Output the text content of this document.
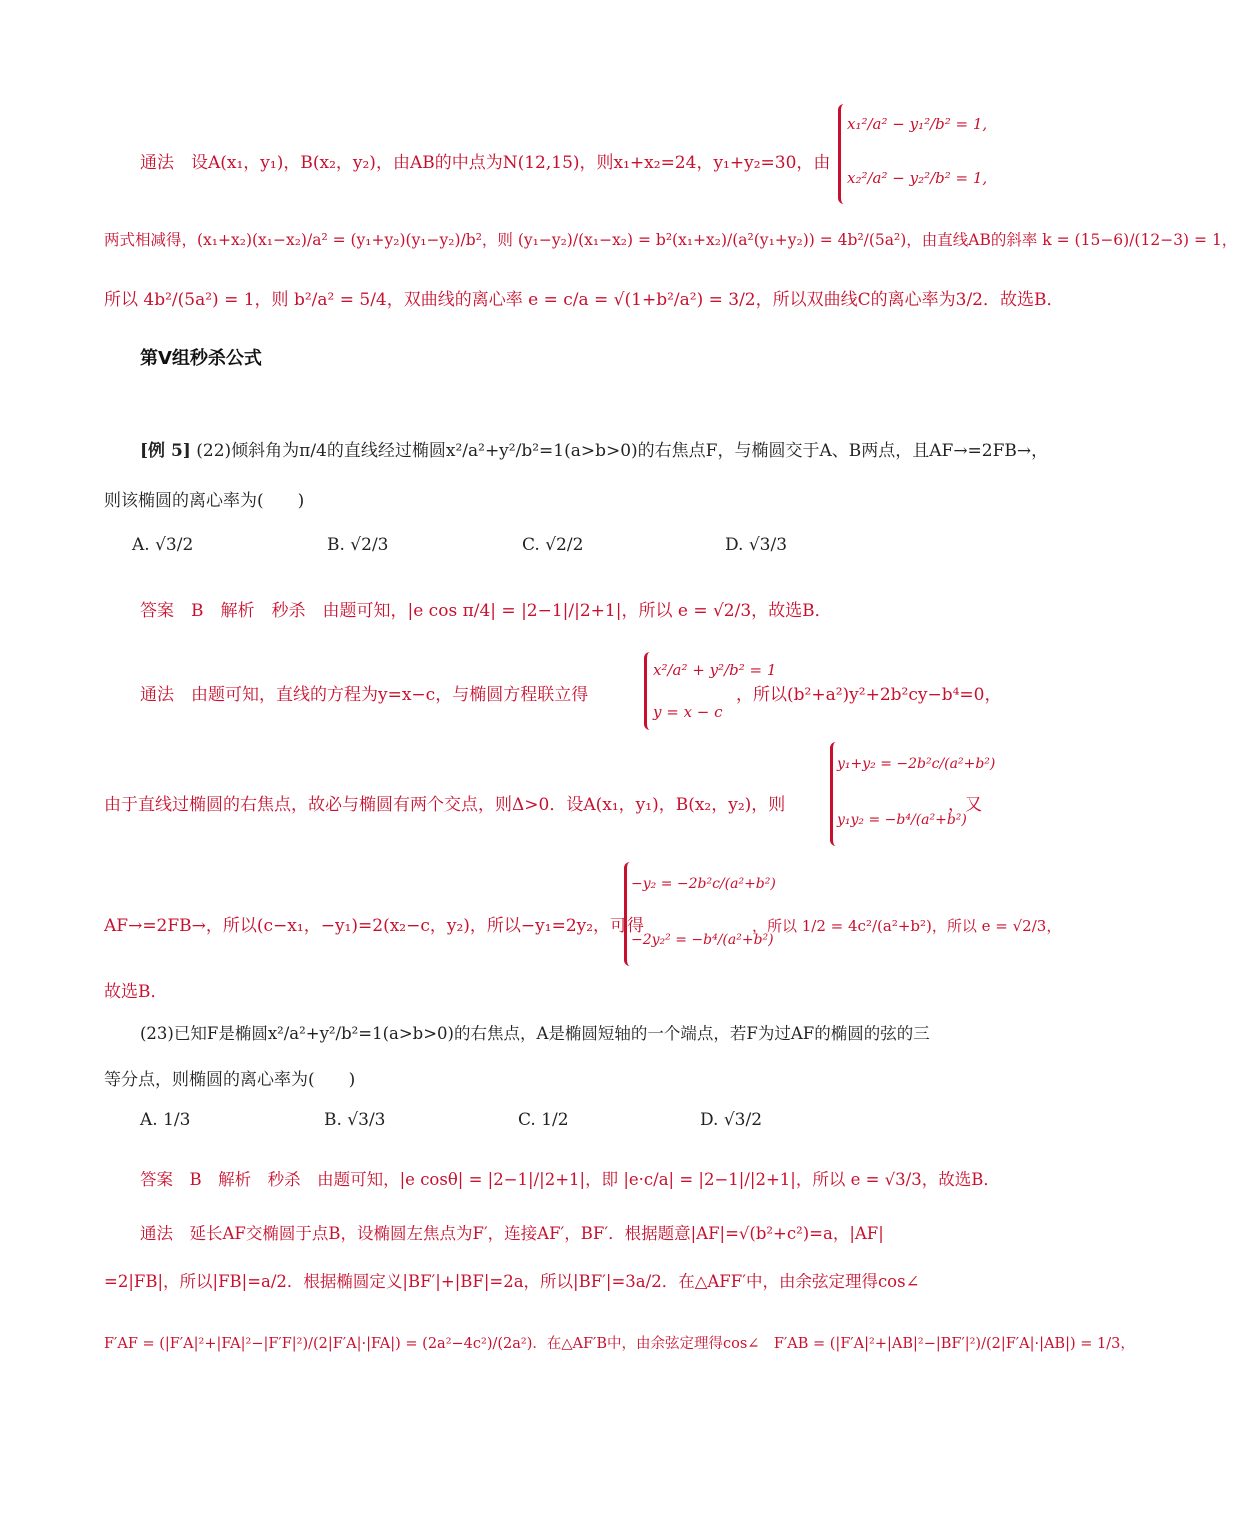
x₁²/a² − y₁²/b² = 1,
x₂²/a² − y₂²/b² = 1,
通法　设A(x₁，y₁)，B(x₂，y₂)，由AB的中点为N(12,15)，则x₁+x₂=24，y₁+y₂=30，由
两式相减得，(x₁+x₂)(x₁−x₂)/a² = (y₁+y₂)(y₁−y₂)/b²，则 (y₁−y₂)/(x₁−x₂) = b²(x₁+x₂)/(a²(y₁+y₂)) = 4b²/(5a²)，由直线AB的斜率 k = (15−6)/(12−3) = 1，
所以 4b²/(5a²) = 1，则 b²/a² = 5/4，双曲线的离心率 e = c/a = √(1+b²/a²) = 3/2，所以双曲线C的离心率为3/2．故选B．
第V组秒杀公式
[例 5] (22)倾斜角为π/4的直线经过椭圆x²/a²+y²/b²=1(a>b>0)的右焦点F，与椭圆交于A、B两点，且AF→=2FB→，
则该椭圆的离心率为(　　)
A. √3/2	B. √2/3	C. √2/2	D. √3/3
答案　B　解析　秒杀　由题可知，|e cos π/4| = |2−1|/|2+1|，所以 e = √2/3，故选B．
通法　由题可知，直线的方程为y=x−c，与椭圆方程联立得
x²/a² + y²/b² = 1
y = x − c
，所以(b²+a²)y²+2b²cy−b⁴=0，
由于直线过椭圆的右焦点，故必与椭圆有两个交点，则Δ>0．设A(x₁，y₁)，B(x₂，y₂)，则
y₁+y₂ = −2b²c/(a²+b²)
y₁y₂ = −b⁴/(a²+b²)
，又
AF→=2FB→，所以(c−x₁，−y₁)=2(x₂−c，y₂)，所以−y₁=2y₂，可得
−y₂ = −2b²c/(a²+b²)
−2y₂² = −b⁴/(a²+b²)
，所以 1/2 = 4c²/(a²+b²)，所以 e = √2/3，
故选B．
(23)已知F是椭圆x²/a²+y²/b²=1(a>b>0)的右焦点，A是椭圆短轴的一个端点，若F为过AF的椭圆的弦的三
等分点，则椭圆的离心率为(　　)
A. 1/3	B. √3/3	C. 1/2	D. √3/2
答案　B　解析　秒杀　由题可知，|e cosθ| = |2−1|/|2+1|，即 |e·c/a| = |2−1|/|2+1|，所以 e = √3/3，故选B．
通法　延长AF交椭圆于点B，设椭圆左焦点为F′，连接AF′，BF′．根据题意|AF|=√(b²+c²)=a，|AF|
=2|FB|，所以|FB|=a/2．根据椭圆定义|BF′|+|BF|=2a，所以|BF′|=3a/2．在△AFF′中，由余弦定理得cos∠
F′AF = (|F′A|²+|FA|²−|F′F|²)/(2|F′A|·|FA|) = (2a²−4c²)/(2a²)．在△AF′B中，由余弦定理得cos∠　F′AB = (|F′A|²+|AB|²−|BF′|²)/(2|F′A|·|AB|) = 1/3，
